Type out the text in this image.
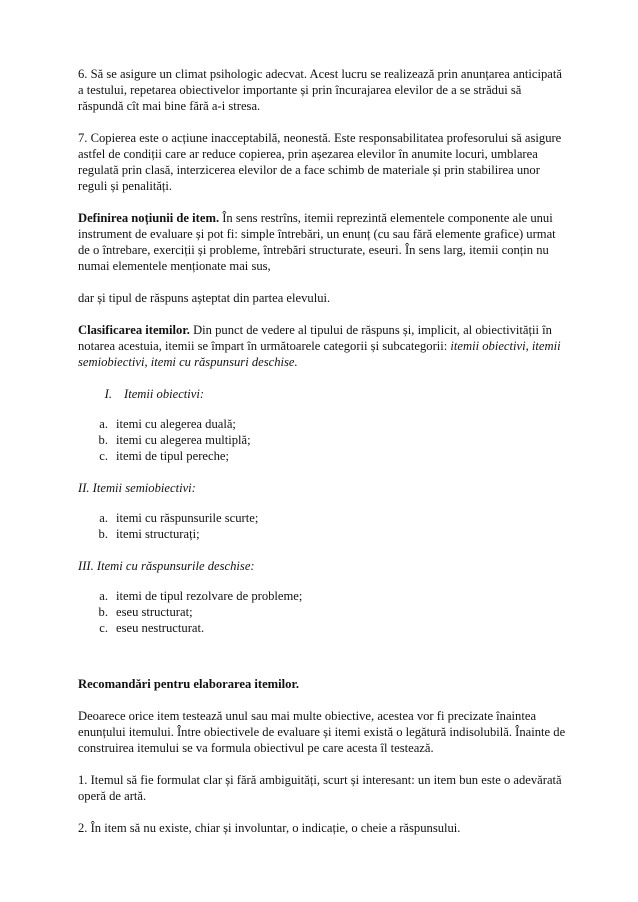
6. Să se asigure un climat psihologic adecvat. Acest lucru se realizează prin anunțarea anticipată a testului, repetarea obiectivelor importante și prin încurajarea elevilor de a se strădui să răspundă cît mai bine fără a-i stresa.

7. Copierea este o acțiune inacceptabilă, neonestă. Este responsabilitatea profesorului să asigure astfel de condiții care ar reduce copierea, prin așezarea elevilor în anumite locuri, umblarea regulată prin clasă, interzicerea elevilor de a face schimb de materiale și prin stabilirea unor reguli și penalități.

Definirea noțiunii de item. În sens restrîns, itemii reprezintă elementele componente ale unui instrument de evaluare și pot fi: simple întrebări, un enunț (cu sau fără elemente grafice) urmat de o întrebare, exerciții și probleme, întrebări structurate, eseuri. În sens larg, itemii conțin nu numai elementele menționate mai sus,

dar și tipul de răspuns așteptat din partea elevului.

Clasificarea itemilor. Din punct de vedere al tipului de răspuns și, implicit, al obiectivității în notarea acestuia, itemii se împart în următoarele categorii și subcategorii: itemii obiectivi, itemii semiobiectivi, itemi cu răspunsuri deschise.

I. Itemii obiectivi:
a. itemi cu alegerea duală;
b. itemi cu alegerea multiplă;
c. itemi de tipul pereche;

II. Itemii semiobiectivi:

a. itemi cu răspunsurile scurte;
b. itemi structurați;

III. Itemi cu răspunsurile deschise:

a. itemi de tipul rezolvare de probleme;
b. eseu structurat;
c. eseu nestructurat.

Recomandări pentru elaborarea itemilor.

Deoarece orice item testează unul sau mai multe obiective, acestea vor fi precizate înaintea enunțului itemului. Între obiectivele de evaluare și itemi există o legătură indisolubilă. Înainte de construirea itemului se va formula obiectivul pe care acesta îl testează.

1. Itemul să fie formulat clar și fără ambiguități, scurt și interesant: un item bun este o adevărată operă de artă.

2. În item să nu existe, chiar și involuntar, o indicație, o cheie a răspunsului.
